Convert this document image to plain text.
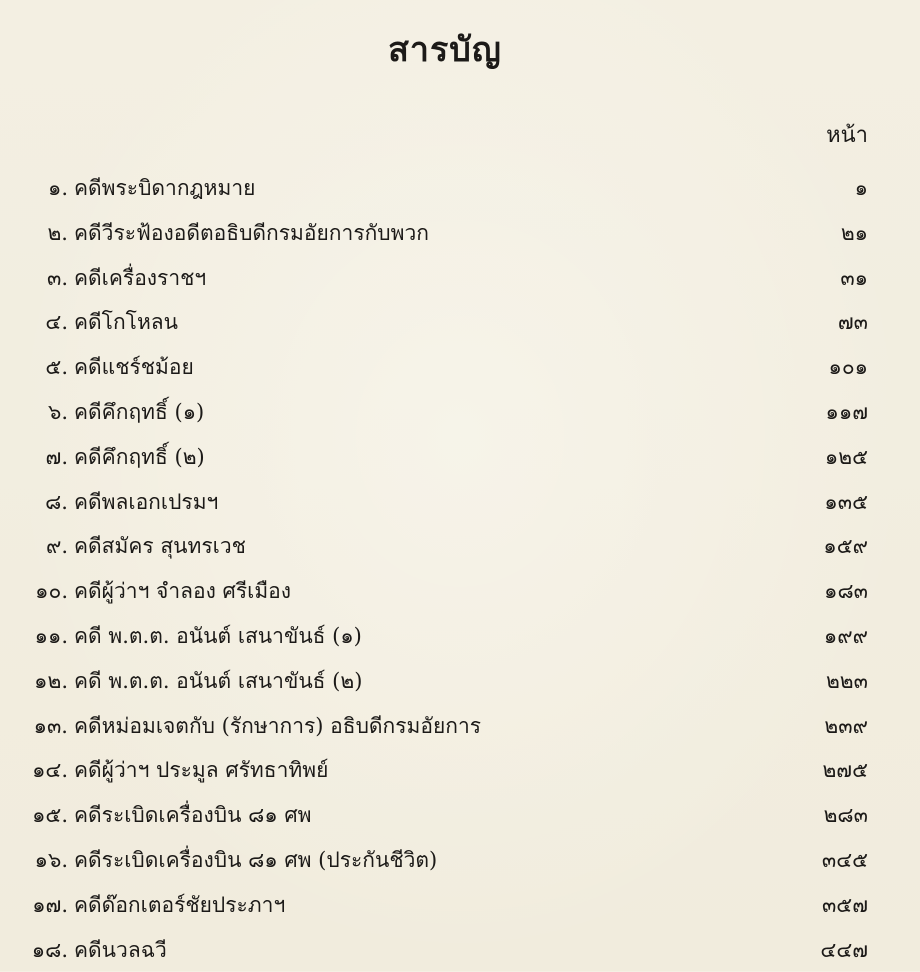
สารบัญ
หน้า
๑. คดีพระบิดากฎหมาย	๑
๒. คดีวีระฟ้องอดีตอธิบดีกรมอัยการกับพวก	๒๑
๓. คดีเครื่องราชฯ	๓๑
๔. คดีโกโหลน	๗๓
๕. คดีแชร์ชม้อย	๑๐๑
๖. คดีคึกฤทธิ์ (๑)	๑๑๗
๗. คดีคึกฤทธิ์ (๒)	๑๒๕
๘. คดีพลเอกเปรมฯ	๑๓๕
๙. คดีสมัคร สุนทรเวช	๑๕๙
๑๐. คดีผู้ว่าฯ จำลอง ศรีเมือง	๑๘๓
๑๑. คดี พ.ต.ต. อนันต์ เสนาขันธ์ (๑)	๑๙๙
๑๒. คดี พ.ต.ต. อนันต์ เสนาขันธ์ (๒)	๒๒๓
๑๓. คดีหม่อมเจตกับ (รักษาการ) อธิบดีกรมอัยการ	๒๓๙
๑๔. คดีผู้ว่าฯ ประมูล ศรัทธาทิพย์	๒๗๕
๑๕. คดีระเบิดเครื่องบิน ๘๑ ศพ	๒๘๓
๑๖. คดีระเบิดเครื่องบิน ๘๑ ศพ (ประกันชีวิต)	๓๔๕
๑๗. คดีด๊อกเตอร์ชัยประภาฯ	๓๕๗
๑๘. คดีนวลฉวี	๔๔๗
